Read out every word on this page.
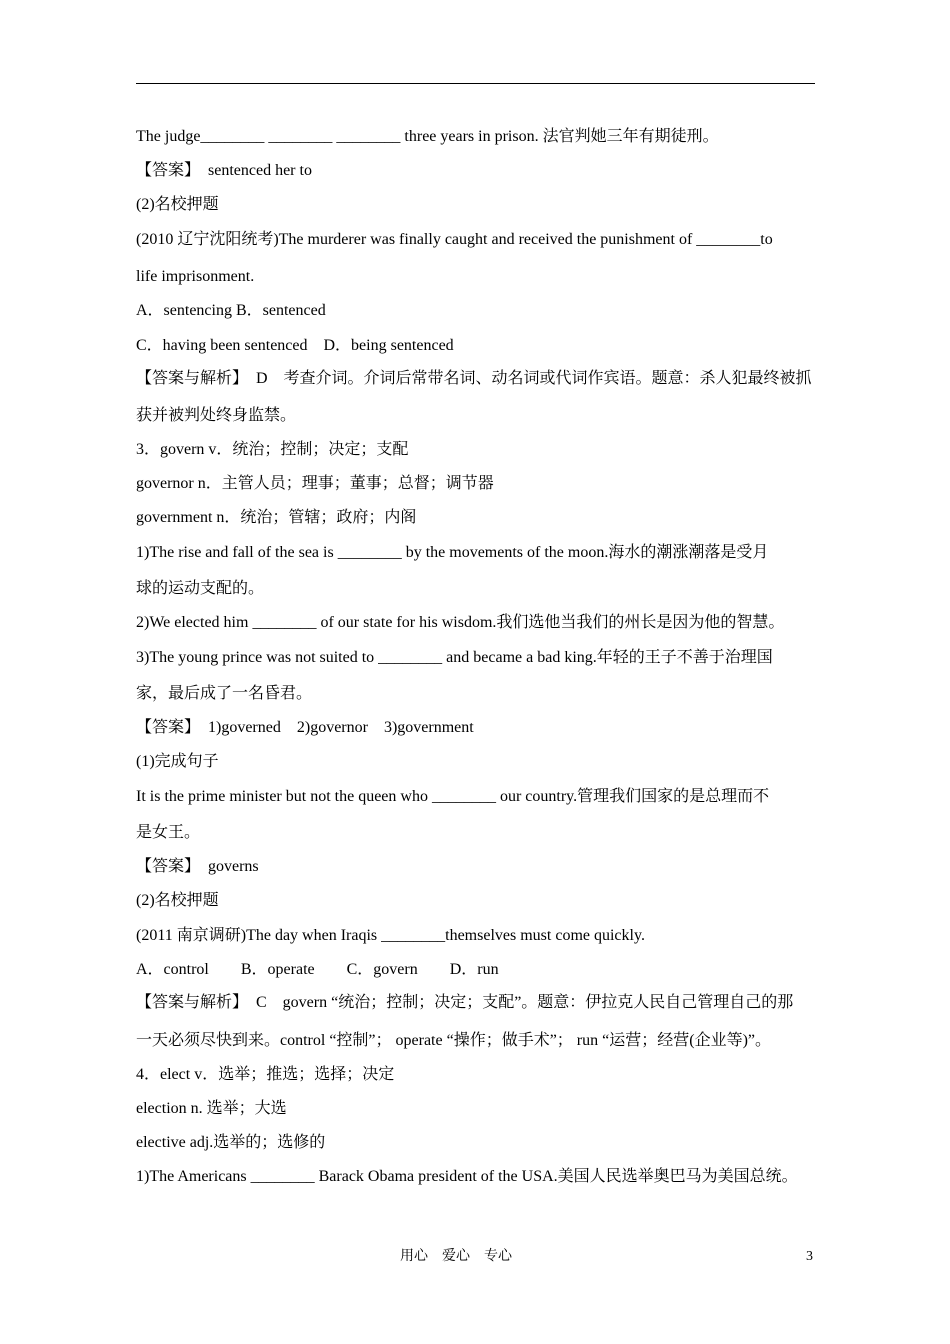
The judge________ ________ ________ three years in prison. 法官判她三年有期徒刑。
【答案】　sentenced her to
(2)名校押题
(2010 辽宁沈阳统考)The murderer was finally caught and received the punishment of ________to
life imprisonment.
A．sentencing B．sentenced
C．having been sentenced　D．being sentenced
【答案与解析】　D　考查介词。介词后常带名词、动名词或代词作宾语。题意：杀人犯最终被抓
获并被判处终身监禁。
3．govern v．统治；控制；决定；支配
governor n．主管人员；理事；董事；总督；调节器
government n．统治；管辖；政府；内阁
1)The rise and fall of the sea is ________ by the movements of the moon.海水的潮涨潮落是受月
球的运动支配的。
2)We elected him ________ of our state for his wisdom.我们选他当我们的州长是因为他的智慧。
3)The young prince was not suited to ________ and became a bad king.年轻的王子不善于治理国
家，最后成了一名昏君。
【答案】　1)governed　2)governor　3)government
(1)完成句子
It is the prime minister but not the queen who ________ our country.管理我们国家的是总理而不
是女王。
【答案】　governs
(2)名校押题
(2011 南京调研)The day when Iraqis ________themselves must come quickly.
A．control　　B．operate　　C．govern　　D．run
【答案与解析】　C　govern “统治；控制；决定；支配”。题意：伊拉克人民自己管理自己的那
一天必须尽快到来。control “控制”； operate “操作；做手术”； run “运营；经营(企业等)”。
4．elect v．选举；推选；选择；决定
election n. 选举；大选
elective adj.选举的；选修的
1)The Americans ________ Barack Obama president of the USA.美国人民选举奥巴马为美国总统。
用心　爱心　专心	3
